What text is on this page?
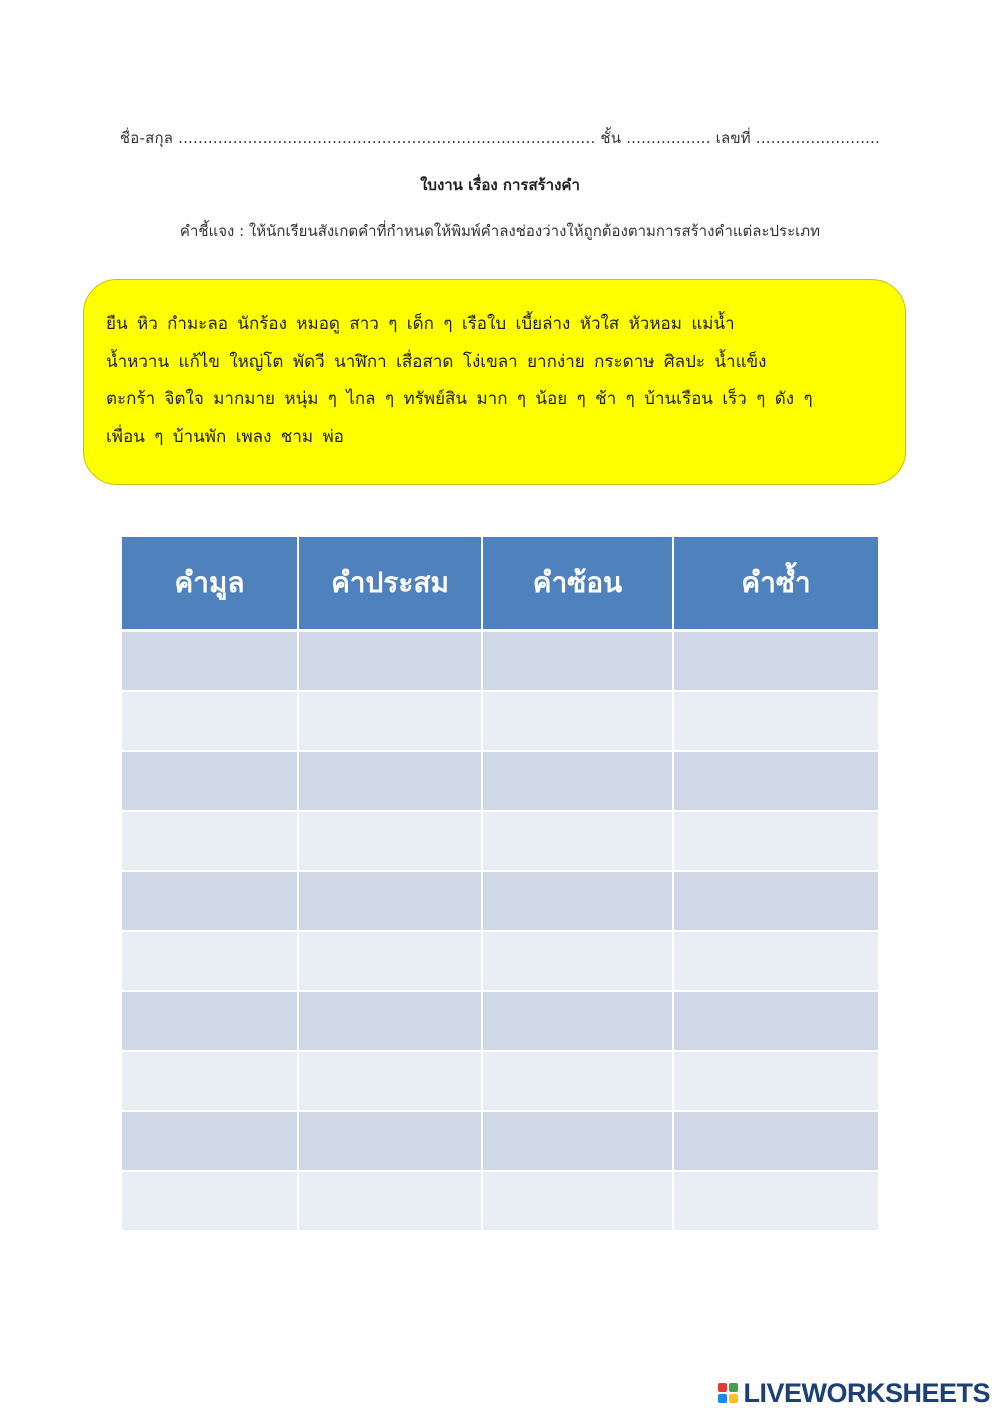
ชื่อ-สกุล .................................................................................... ชั้น ................. เลขที่ .........................
ใบงาน เรื่อง การสร้างคำ
คำชี้แจง : ให้นักเรียนสังเกตคำที่กำหนดให้พิมพ์คำลงช่องว่างให้ถูกต้องตามการสร้างคำแต่ละประเภท
ยืน หิว กำมะลอ นักร้อง หมอดู สาว ๆ เด็ก ๆ เรือใบ เบี้ยล่าง หัวใส หัวหอม แม่น้ำ
น้ำหวาน แก้ไข ใหญ่โต พัดวี นาฬิกา เสื่อสาด โง่เขลา ยากง่าย กระดาษ ศิลปะ น้ำแข็ง
ตะกร้า จิตใจ มากมาย หนุ่ม ๆ ไกล ๆ ทรัพย์สิน มาก ๆ น้อย ๆ ช้า ๆ บ้านเรือน เร็ว ๆ ดัง ๆ
เพื่อน ๆ บ้านพัก เพลง ชาม พ่อ
คำมูล	คำประสม	คำซ้อน	คำซ้ำ

LIVEWORKSHEETS
